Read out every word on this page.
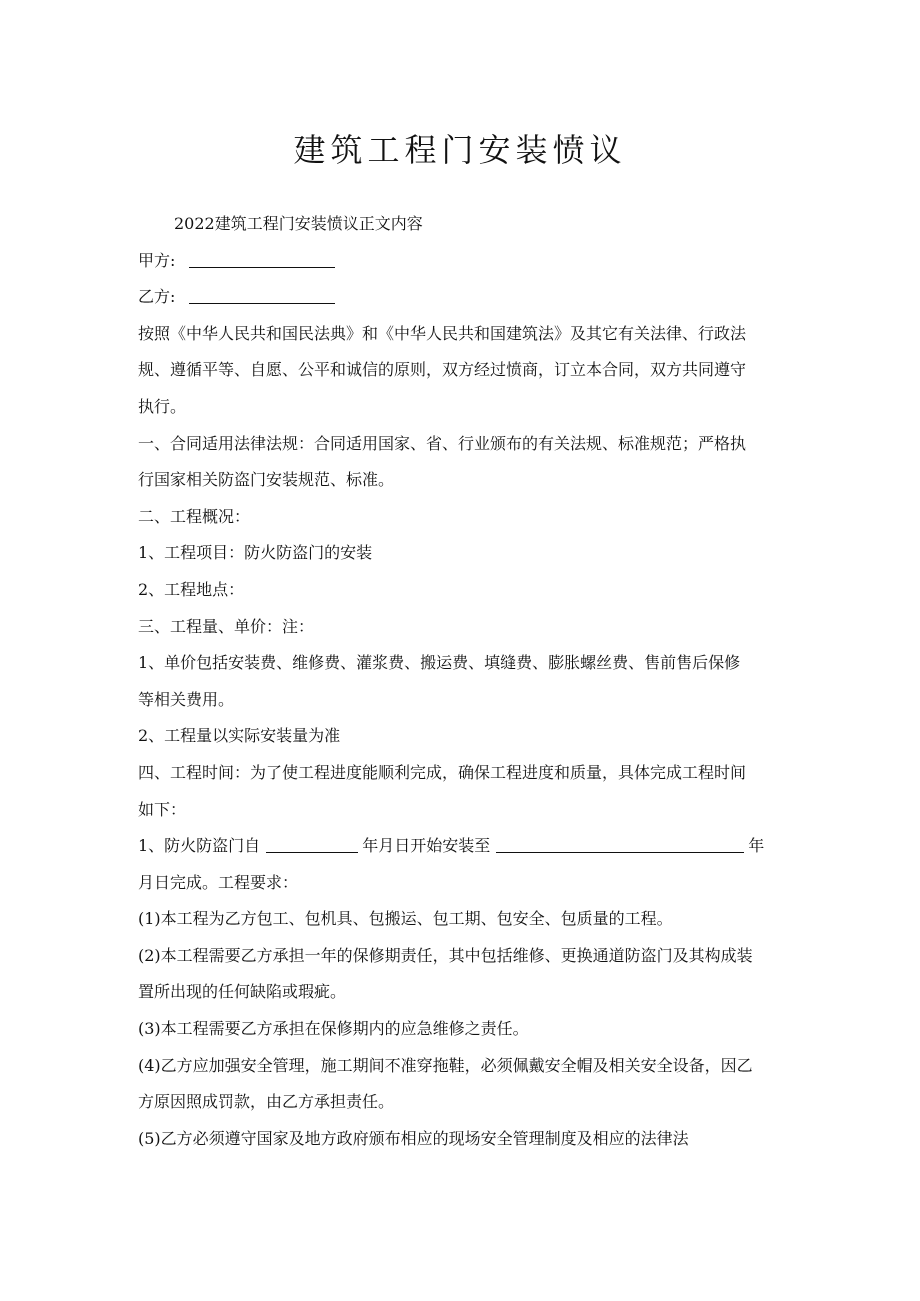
建筑工程门安装愤议
2022建筑工程门安装愤议正文内容
甲方:
乙方:
按照《中华人民共和国民法典》和《中华人民共和国建筑法》及其它有关法律、行政法
规、遵循平等、自愿、公平和诚信的原则，双方经过愤商，订立本合同，双方共同遵守
执行。
一、合同适用法律法规：合同适用国家、省、行业颁布的有关法规、标准规范；严格执
行国家相关防盗门安装规范、标准。
二、工程概况：
1、工程项目：防火防盗门的安装
2、工程地点：
三、工程量、单价：注：
1、单价包括安装费、维修费、灌浆费、搬运费、填缝费、膨胀螺丝费、售前售后保修
等相关费用。
2、工程量以实际安装量为准
四、工程时间：为了使工程进度能顺利完成，确保工程进度和质量，具体完成工程时间
如下：
1、防火防盗门自	年月日开始安装至	年
月日完成。工程要求：
(1)本工程为乙方包工、包机具、包搬运、包工期、包安全、包质量的工程。
(2)本工程需要乙方承担一年的保修期责任，其中包括维修、更换通道防盗门及其构成装
置所出现的任何缺陷或瑕疵。
(3)本工程需要乙方承担在保修期内的应急维修之责任。
(4)乙方应加强安全管理，施工期间不准穿拖鞋，必须佩戴安全帽及相关安全设备，因乙
方原因照成罚款，由乙方承担责任。
(5)乙方必须遵守国家及地方政府颁布相应的现场安全管理制度及相应的法律法
